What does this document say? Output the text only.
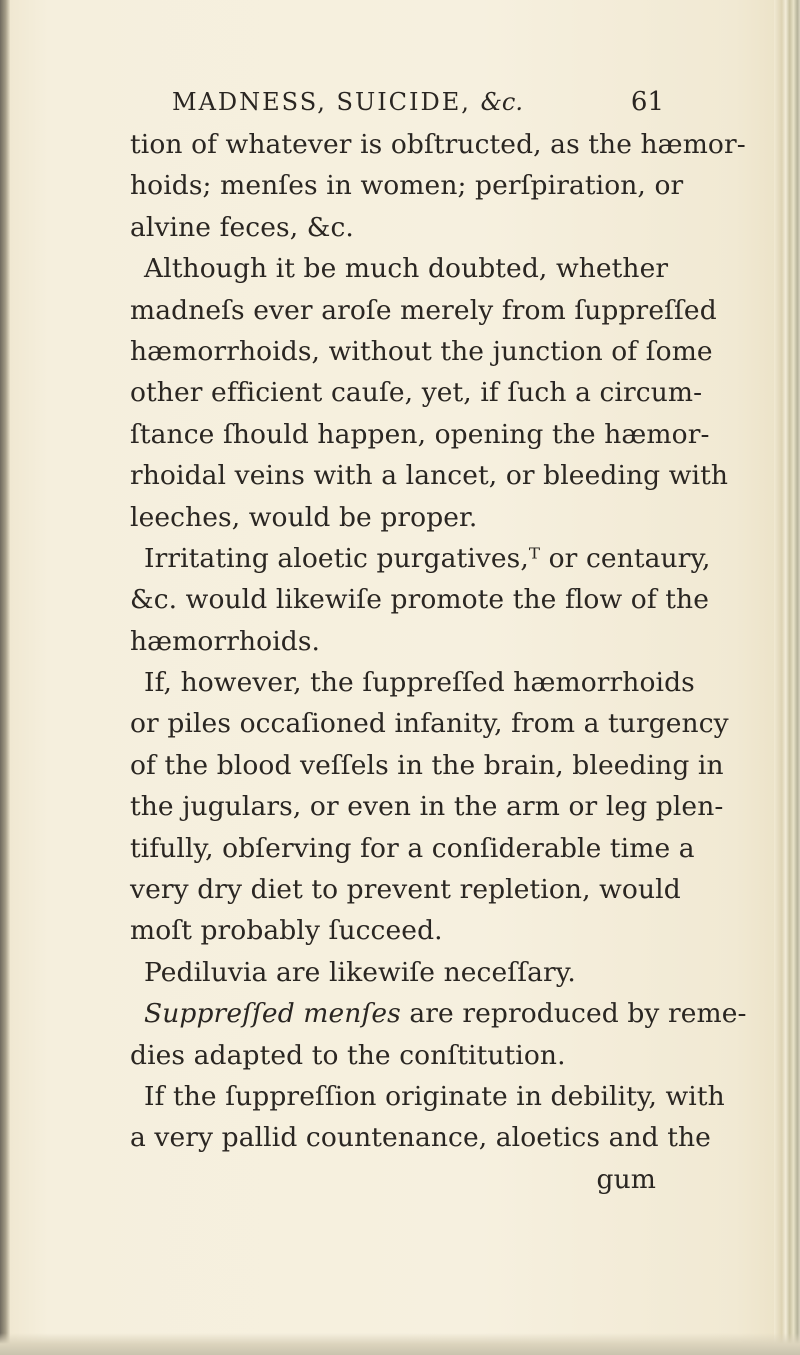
MADNESS, SUICIDE, &c.	61
tion of whatever is obſtructed, as the hæmor-
hoids; menſes in women; perſpiration, or
alvine feces, &c.
Although it be much doubted, whether
madneſs ever aroſe merely from ſuppreſſed
hæmorrhoids, without the junction of ſome
other efficient cauſe, yet, if ſuch a circum-
ſtance ſhould happen, opening the hæmor-
rhoidal veins with a lancet, or bleeding with
leeches, would be proper.
Irritating aloetic purgatives,ᵀ or centaury,
&c. would likewiſe promote the flow of the
hæmorrhoids.
If, however, the ſuppreſſed hæmorrhoids
or piles occaſioned infanity, from a turgency
of the blood veſſels in the brain, bleeding in
the jugulars, or even in the arm or leg plen-
tifully, obſerving for a conſiderable time a
very dry diet to prevent repletion, would
moſt probably ſucceed.
Pediluvia are likewiſe neceſſary.
Suppreſſed menſes are reproduced by reme-
dies adapted to the conſtitution.
If the ſuppreſſion originate in debility, with
a very pallid countenance, aloetics and the
gum
